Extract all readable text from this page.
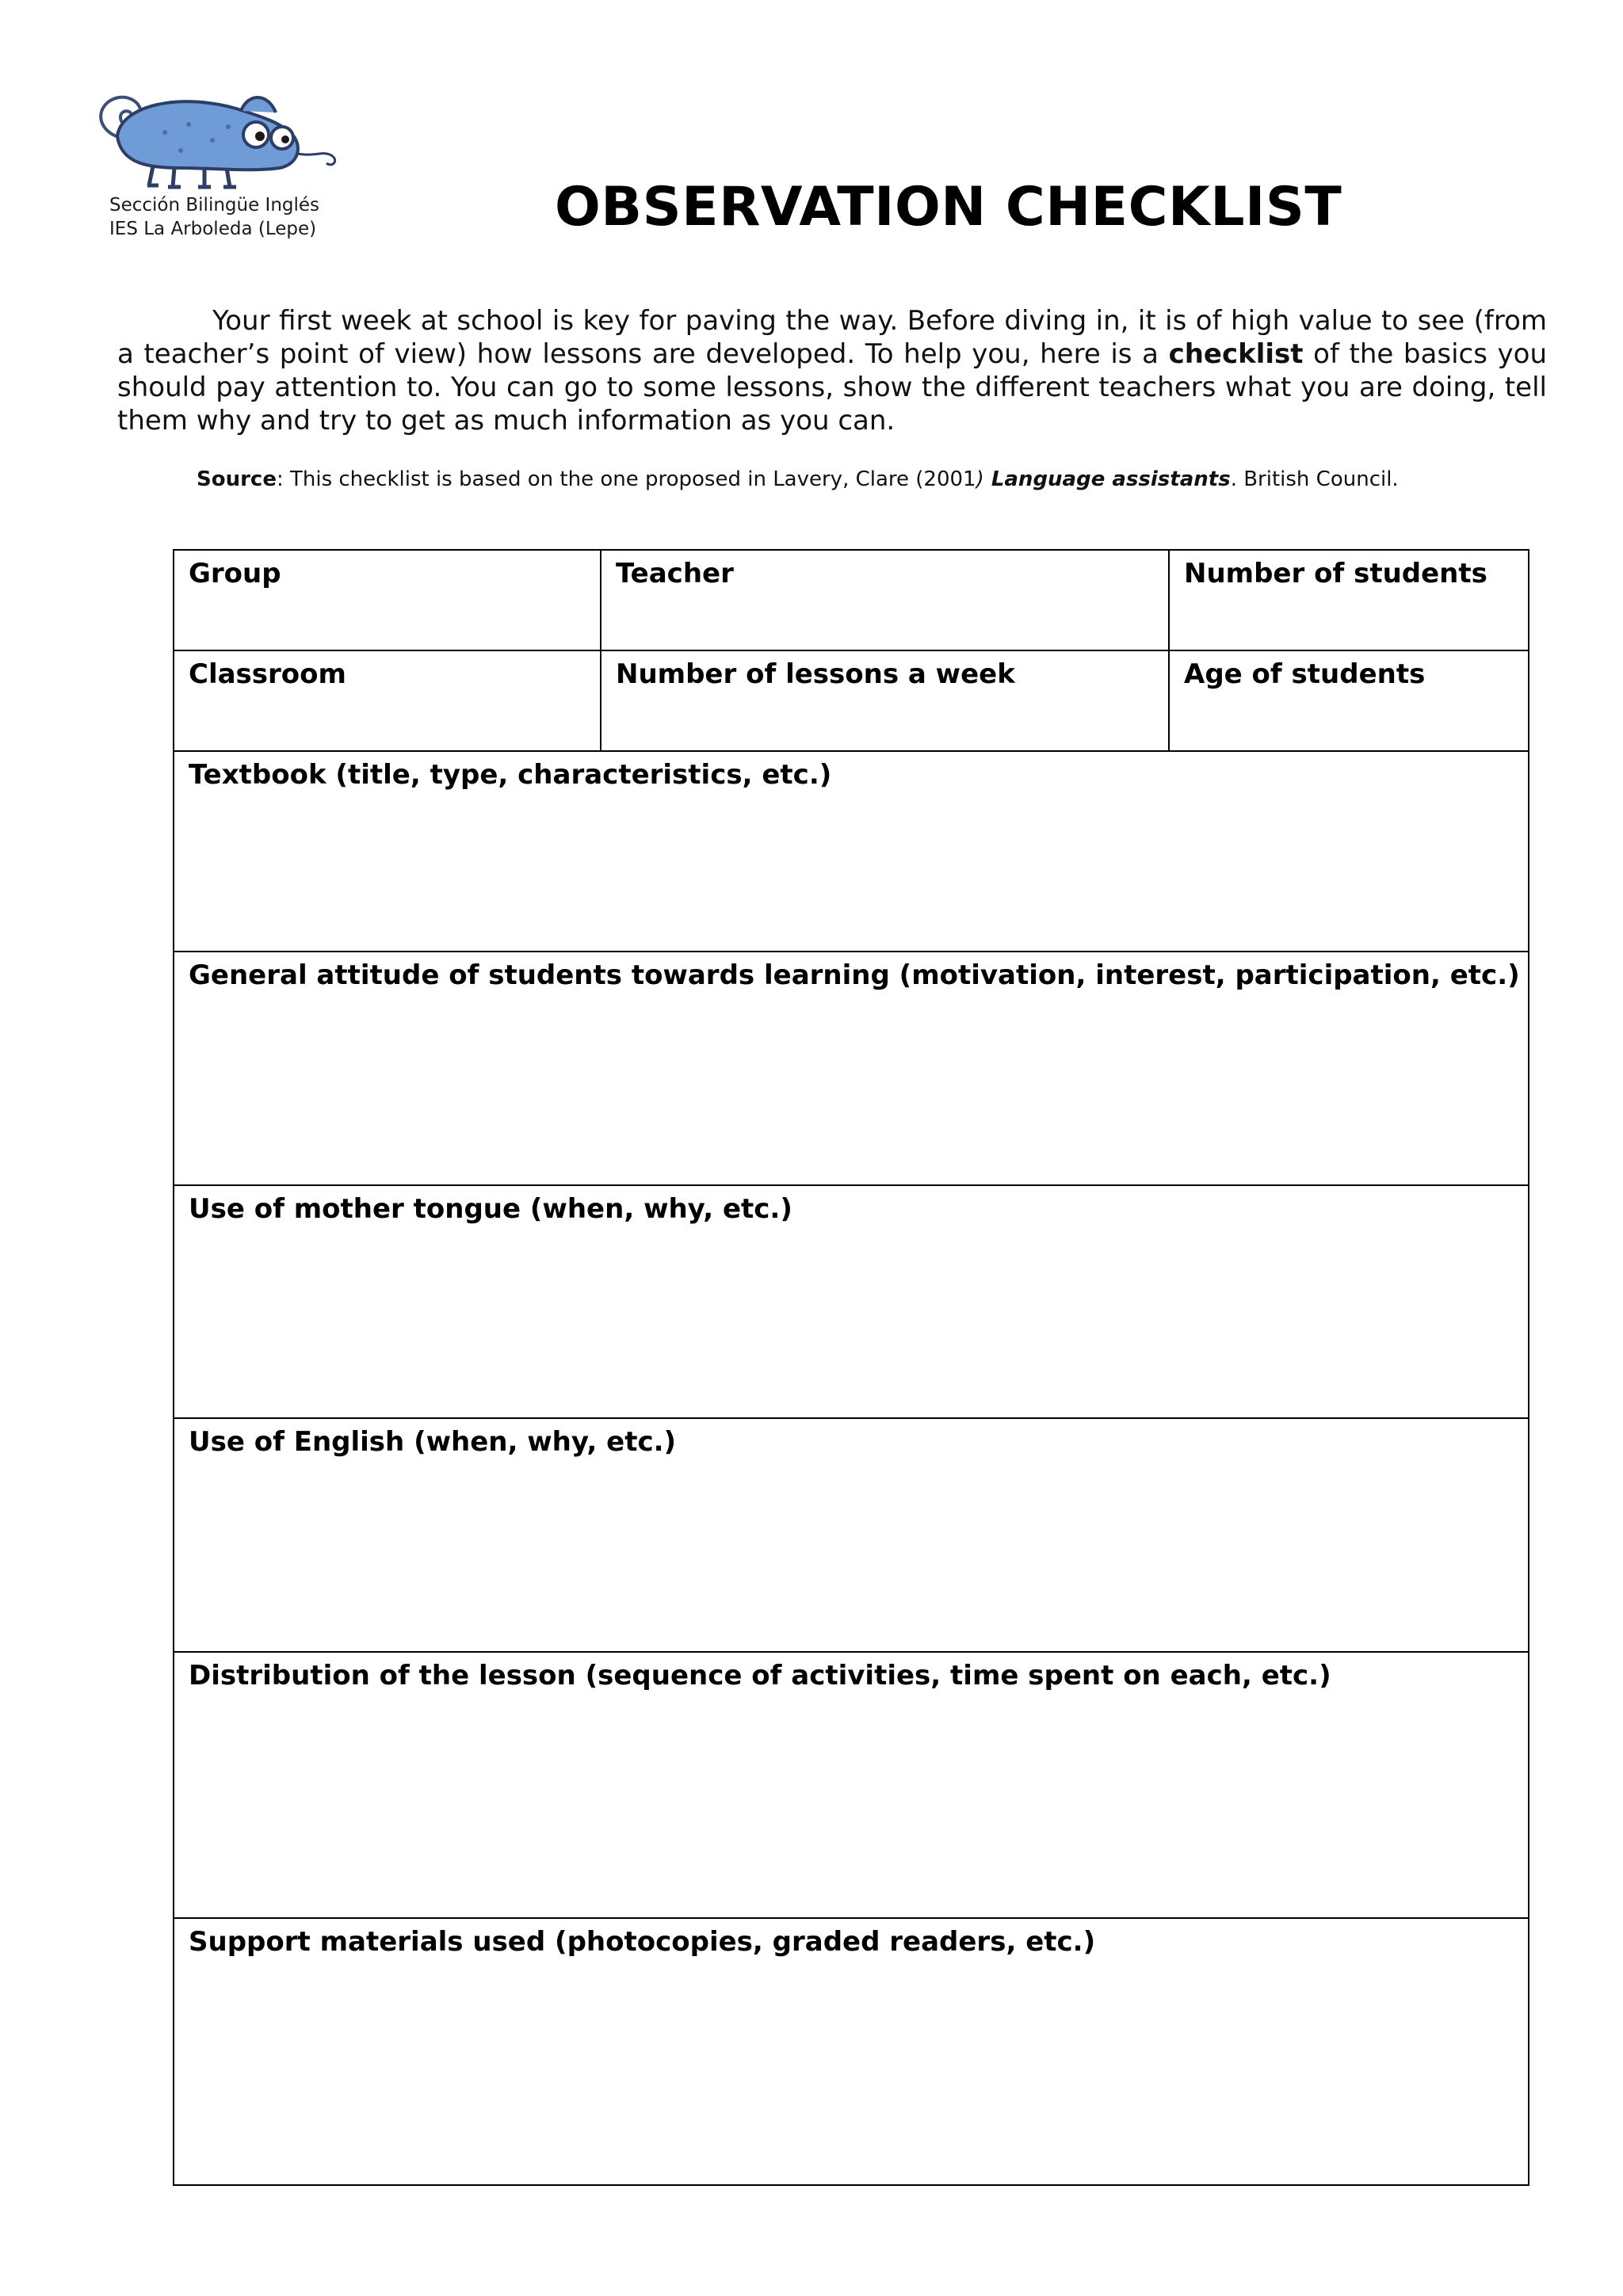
Sección Bilingüe Inglés
IES La Arboleda (Lepe)	OBSERVATION CHECKLIST
Your first week at school is key for paving the way. Before diving in, it is of high value to see (from a teacher’s point of view) how lessons are developed. To help you, here is a checklist of the basics you should pay attention to. You can go to some lessons, show the different teachers what you are doing, tell them why and try to get as much information as you can.
Source: This checklist is based on the one proposed in Lavery, Clare (2001) Language assistants. British Council.
Group	Teacher	Number of students
Classroom	Number of lessons a week	Age of students
Textbook (title, type, characteristics, etc.)
General attitude of students towards learning (motivation, interest, participation, etc.)
Use of mother tongue (when, why, etc.)
Use of English (when, why, etc.)
Distribution of the lesson (sequence of activities, time spent on each, etc.)
Support materials used (photocopies, graded readers, etc.)
